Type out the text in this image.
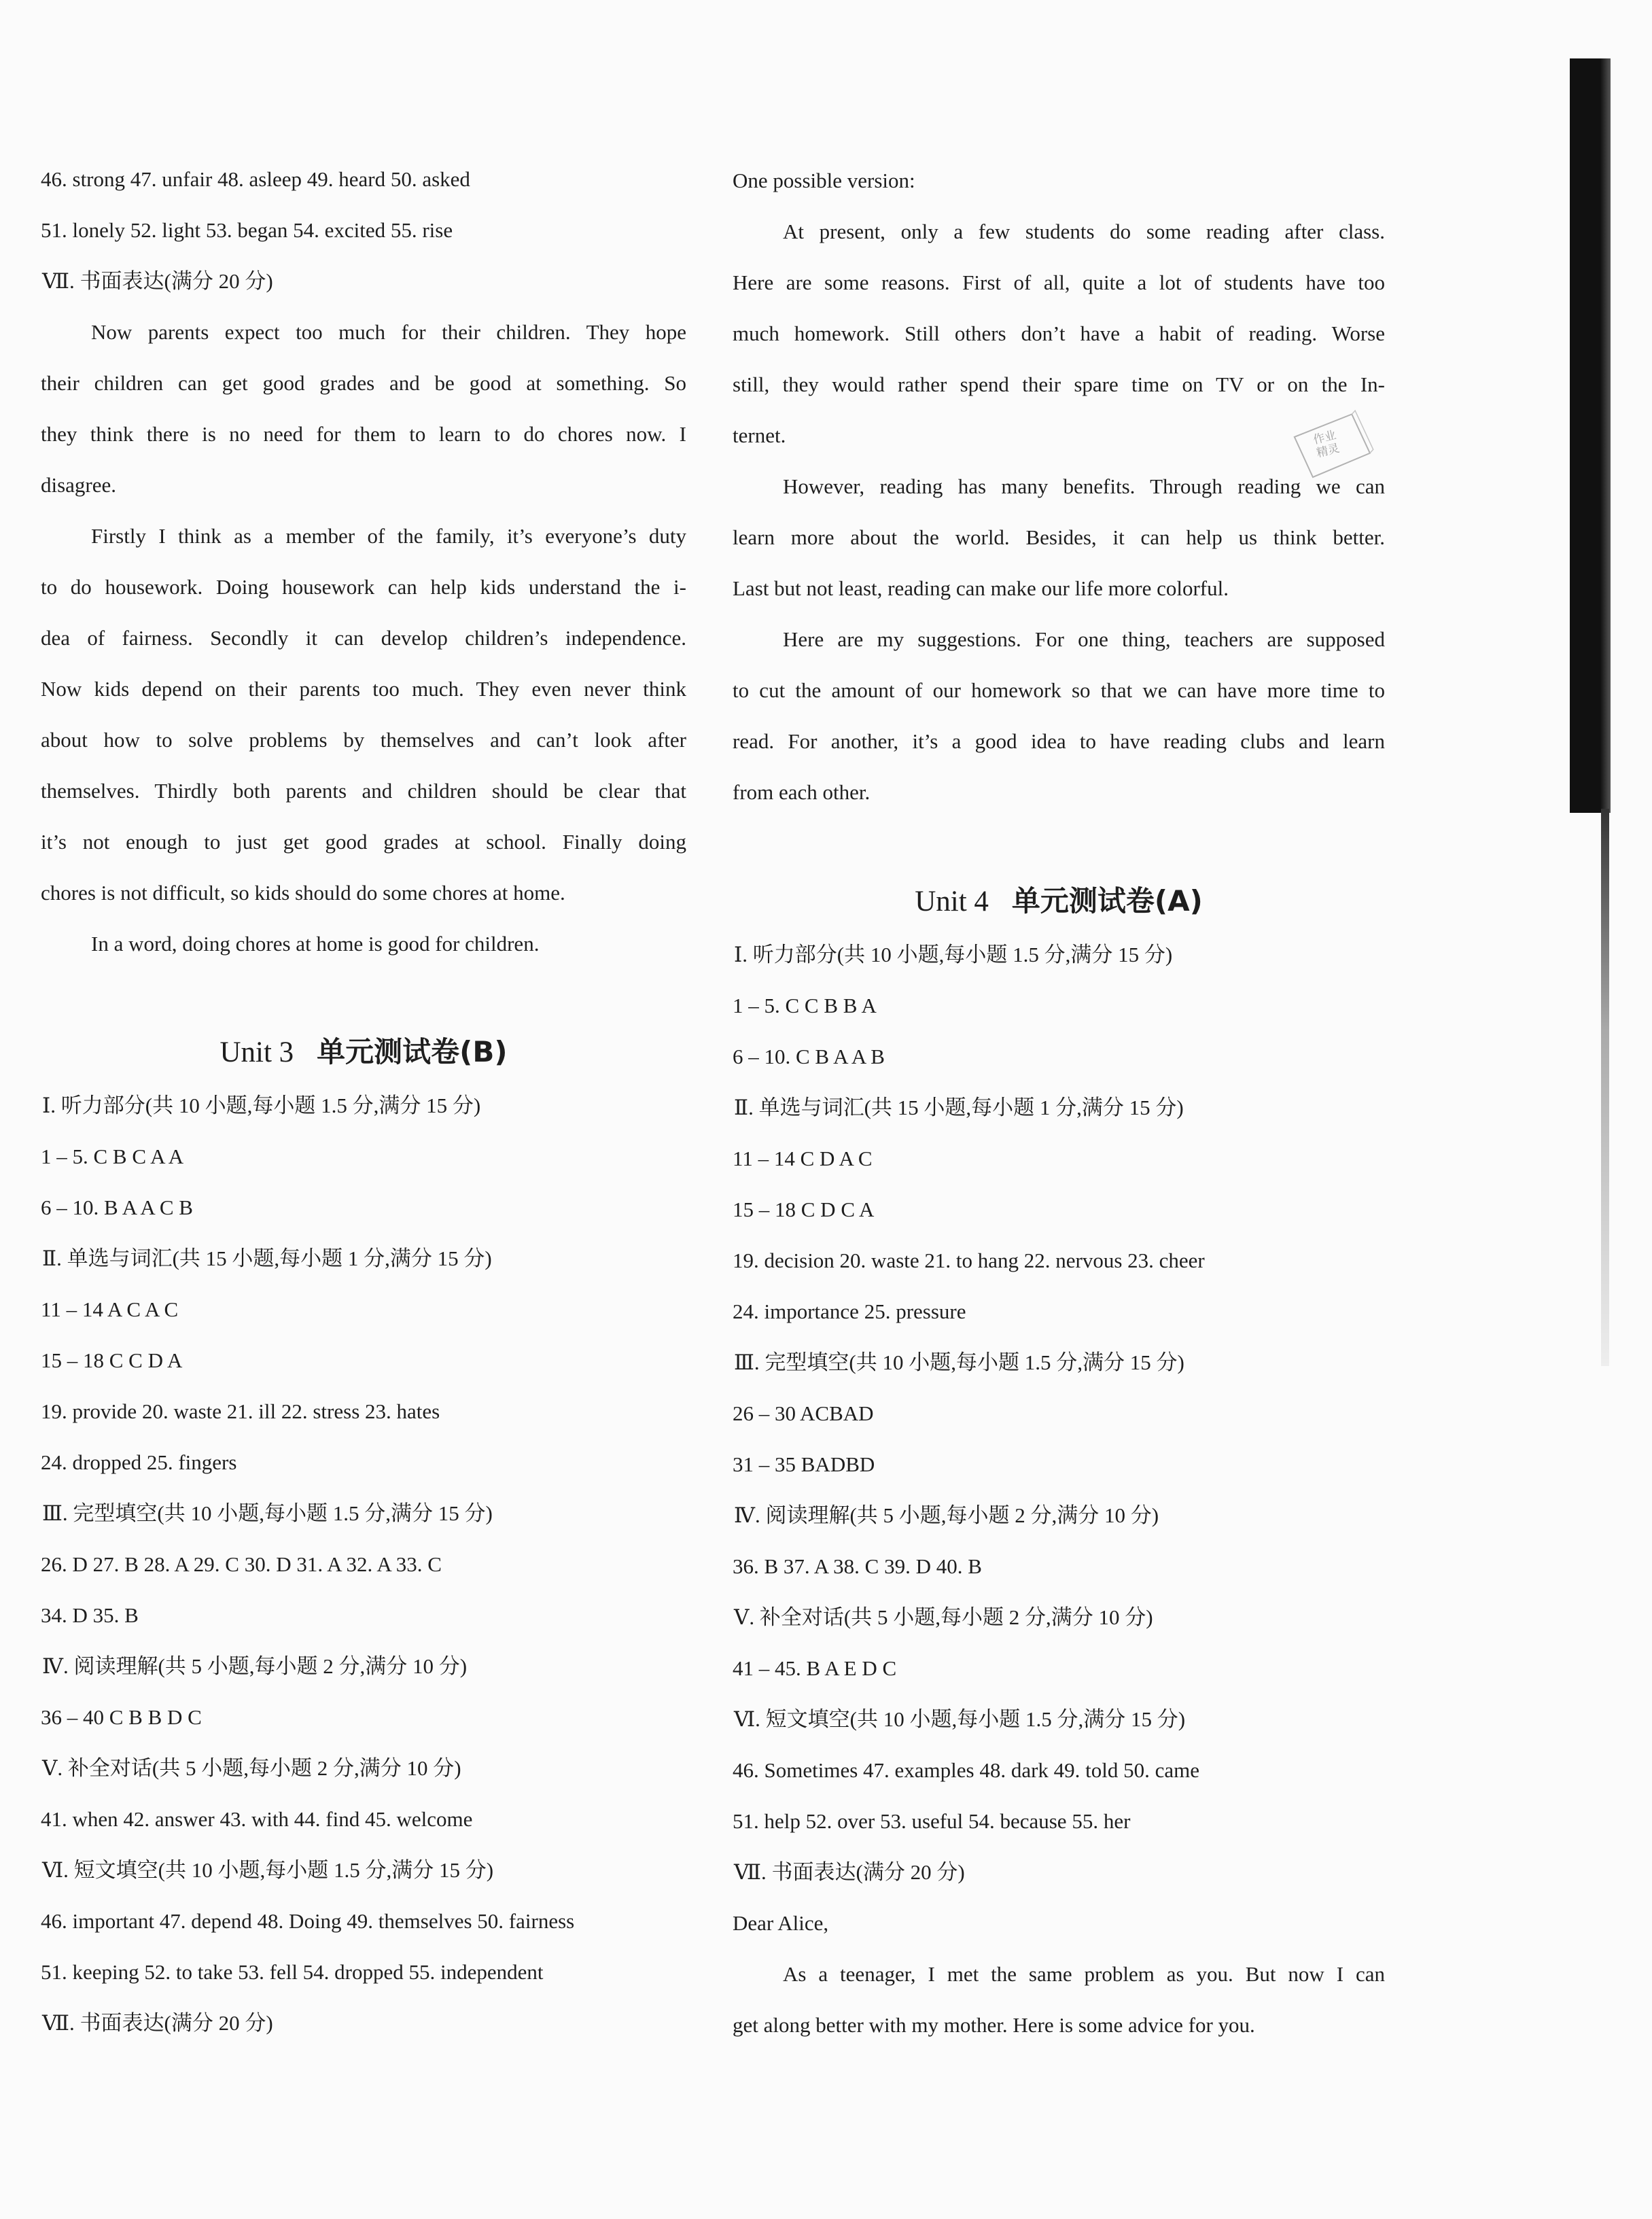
作业
精灵
46. strong 47. unfair 48. asleep 49. heard 50. asked
51. lonely 52. light 53. began 54. excited 55. rise
Ⅶ. 书面表达(满分 20 分)
Now parents expect too much for their children. They hope
their children can get good grades and be good at something. So
they think there is no need for them to learn to do chores now. I
disagree.
Firstly I think as a member of the family, it’s everyone’s duty
to do housework. Doing housework can help kids understand the i-
dea of fairness. Secondly it can develop children’s independence.
Now kids depend on their parents too much. They even never think
about how to solve problems by themselves and can’t look after
themselves. Thirdly both parents and children should be clear that
it’s not enough to just get good grades at school. Finally doing
chores is not difficult, so kids should do some chores at home.
In a word, doing chores at home is good for children.
Unit 3 单元测试卷(B)
Ⅰ. 听力部分(共 10 小题,每小题 1.5 分,满分 15 分)
1 – 5. C B C A A
6 – 10. B A A C B
Ⅱ. 单选与词汇(共 15 小题,每小题 1 分,满分 15 分)
11 – 14 A C A C
15 – 18 C C D A
19. provide 20. waste 21. ill 22. stress 23. hates
24. dropped 25. fingers
Ⅲ. 完型填空(共 10 小题,每小题 1.5 分,满分 15 分)
26. D 27. B 28. A 29. C 30. D 31. A 32. A 33. C
34. D 35. B
Ⅳ. 阅读理解(共 5 小题,每小题 2 分,满分 10 分)
36 – 40 C B B D C
Ⅴ. 补全对话(共 5 小题,每小题 2 分,满分 10 分)
41. when 42. answer 43. with 44. find 45. welcome
Ⅵ. 短文填空(共 10 小题,每小题 1.5 分,满分 15 分)
46. important 47. depend 48. Doing 49. themselves 50. fairness
51. keeping 52. to take 53. fell 54. dropped 55. independent
Ⅶ. 书面表达(满分 20 分)
One possible version:
At present, only a few students do some reading after class.
Here are some reasons. First of all, quite a lot of students have too
much homework. Still others don’t have a habit of reading. Worse
still, they would rather spend their spare time on TV or on the In-
ternet.
However, reading has many benefits. Through reading we can
learn more about the world. Besides, it can help us think better.
Last but not least, reading can make our life more colorful.
Here are my suggestions. For one thing, teachers are supposed
to cut the amount of our homework so that we can have more time to
read. For another, it’s a good idea to have reading clubs and learn
from each other.
Unit 4 单元测试卷(A)
Ⅰ. 听力部分(共 10 小题,每小题 1.5 分,满分 15 分)
1 – 5. C C B B A
6 – 10. C B A A B
Ⅱ. 单选与词汇(共 15 小题,每小题 1 分,满分 15 分)
11 – 14 C D A C
15 – 18 C D C A
19. decision 20. waste 21. to hang 22. nervous 23. cheer
24. importance 25. pressure
Ⅲ. 完型填空(共 10 小题,每小题 1.5 分,满分 15 分)
26 – 30 ACBAD
31 – 35 BADBD
Ⅳ. 阅读理解(共 5 小题,每小题 2 分,满分 10 分)
36. B 37. A 38. C 39. D 40. B
Ⅴ. 补全对话(共 5 小题,每小题 2 分,满分 10 分)
41 – 45. B A E D C
Ⅵ. 短文填空(共 10 小题,每小题 1.5 分,满分 15 分)
46. Sometimes 47. examples 48. dark 49. told 50. came
51. help 52. over 53. useful 54. because 55. her
Ⅶ. 书面表达(满分 20 分)
Dear Alice,
As a teenager, I met the same problem as you. But now I can
get along better with my mother. Here is some advice for you.
